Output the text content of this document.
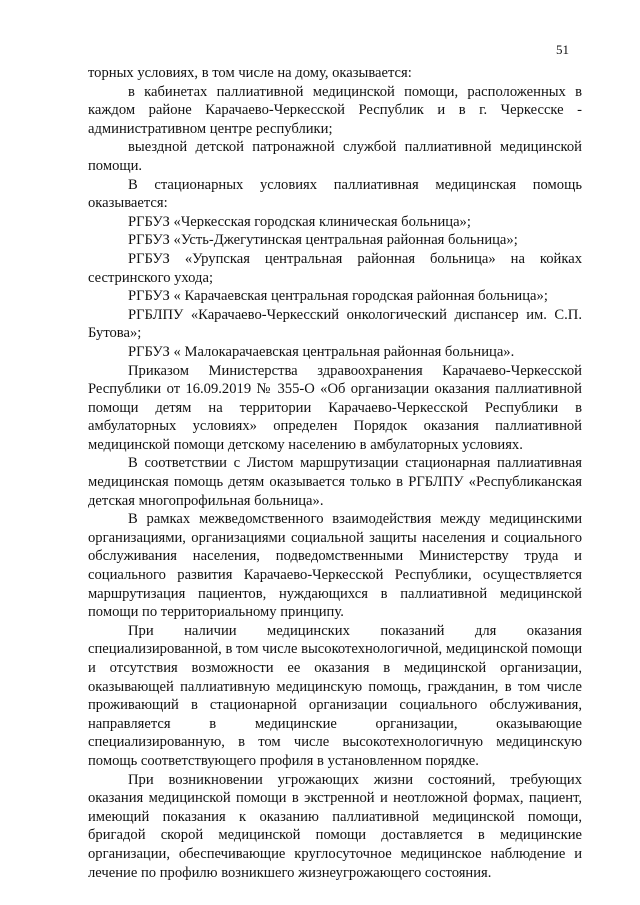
51

торных условиях, в том числе на дому, оказывается:

в кабинетах паллиативной медицинской помощи, расположенных в каждом районе Карачаево-Черкесской Республик и в г. Черкесске - административном центре республики;

выездной детской патронажной службой паллиативной медицинской помощи.

В стационарных условиях паллиативная медицинская помощь оказывается:

РГБУЗ «Черкесская городская клиническая больница»;

РГБУЗ «Усть-Джегутинская центральная районная больница»;

РГБУЗ «Урупская центральная районная больница» на койках сестринского ухода;

РГБУЗ « Карачаевская центральная городская районная больница»;

РГБЛПУ «Карачаево-Черкесский онкологический диспансер им. С.П. Бутова»;

РГБУЗ « Малокарачаевская центральная районная больница».

Приказом Министерства здравоохранения Карачаево-Черкесской Республики от 16.09.2019 № 355-О «Об организации оказания паллиативной помощи детям на территории Карачаево-Черкесской Республики в амбулаторных условиях» определен Порядок оказания паллиативной медицинской помощи детскому населению в амбулаторных условиях.

В соответствии с Листом маршрутизации стационарная паллиативная медицинская помощь детям оказывается только в РГБЛПУ «Республиканская детская многопрофильная больница».

В рамках межведомственного взаимодействия между медицинскими организациями, организациями социальной защиты населения и социального обслуживания населения, подведомственными Министерству труда и социального развития Карачаево-Черкесской Республики, осуществляется маршрутизация пациентов, нуждающихся в паллиативной медицинской помощи по территориальному принципу.

При наличии медицинских показаний для оказания специализированной, в том числе высокотехнологичной, медицинской помощи и отсутствия возможности ее оказания в медицинской организации, оказывающей паллиативную медицинскую помощь, гражданин, в том числе проживающий в стационарной организации социального обслуживания, направляется в медицинские организации, оказывающие специализированную, в том числе высокотехнологичную медицинскую помощь соответствующего профиля в установленном порядке.

При возникновении угрожающих жизни состояний, требующих оказания медицинской помощи в экстренной и неотложной формах, пациент, имеющий показания к оказанию паллиативной медицинской помощи, бригадой скорой медицинской помощи доставляется в медицинские организации, обеспечивающие круглосуточное медицинское наблюдение и лечение по профилю возникшего жизнеугрожающего состояния.
